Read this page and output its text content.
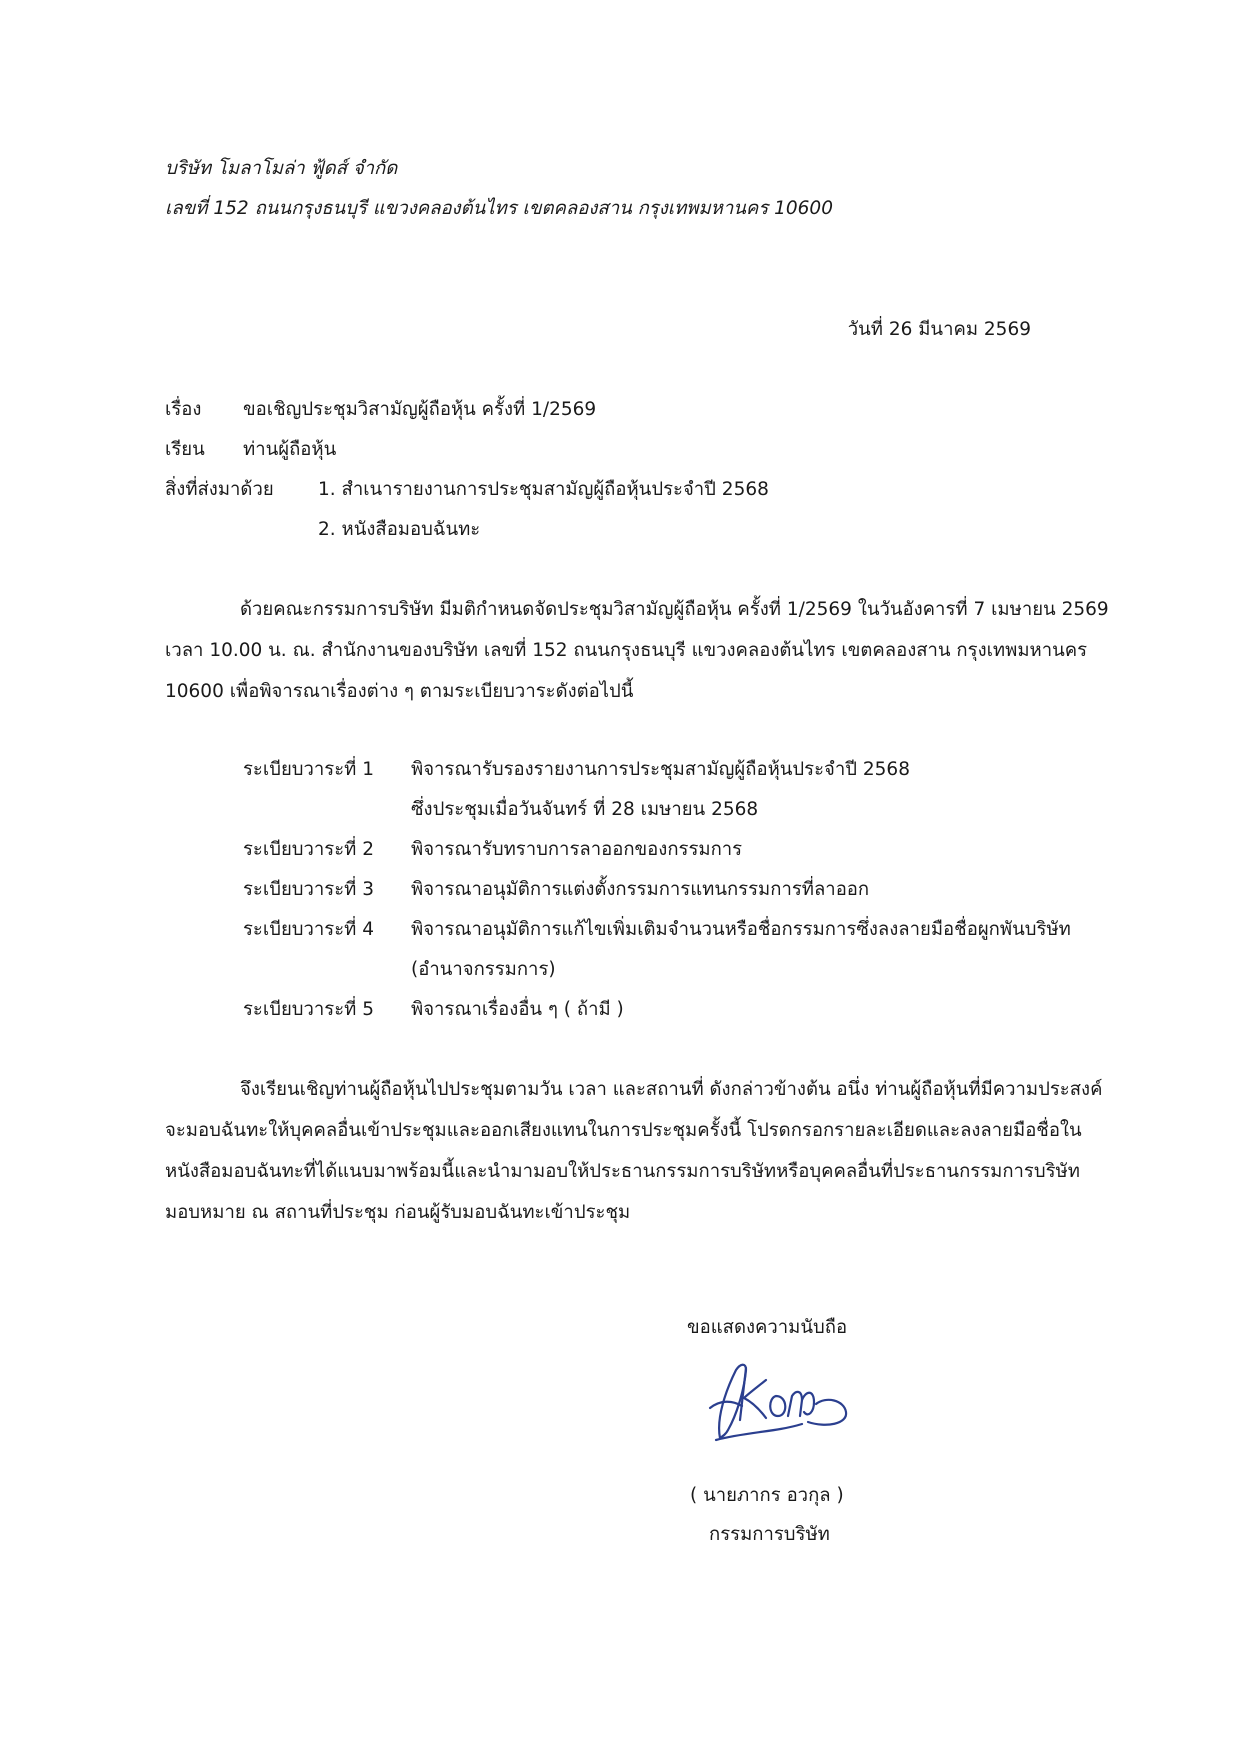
บริษัท โมลาโมล่า ฟู้ดส์ จำกัด
เลขที่ 152 ถนนกรุงธนบุรี แขวงคลองต้นไทร เขตคลองสาน กรุงเทพมหานคร 10600
วันที่ 26 มีนาคม 2569
เรื่อง ขอเชิญประชุมวิสามัญผู้ถือหุ้น ครั้งที่ 1/2569
เรียน ท่านผู้ถือหุ้น
สิ่งที่ส่งมาด้วย 1. สำเนารายงานการประชุมสามัญผู้ถือหุ้นประจำปี 2568
2. หนังสือมอบฉันทะ
ด้วยคณะกรรมการบริษัท มีมติกำหนดจัดประชุมวิสามัญผู้ถือหุ้น ครั้งที่ 1/2569 ในวันอังคารที่ 7 เมษายน 2569
เวลา 10.00 น. ณ. สำนักงานของบริษัท เลขที่ 152 ถนนกรุงธนบุรี แขวงคลองต้นไทร เขตคลองสาน กรุงเทพมหานคร
10600 เพื่อพิจารณาเรื่องต่าง ๆ ตามระเบียบวาระดังต่อไปนี้
ระเบียบวาระที่ 1 พิจารณารับรองรายงานการประชุมสามัญผู้ถือหุ้นประจำปี 2568
ซึ่งประชุมเมื่อวันจันทร์ ที่ 28 เมษายน 2568
ระเบียบวาระที่ 2 พิจารณารับทราบการลาออกของกรรมการ
ระเบียบวาระที่ 3 พิจารณาอนุมัติการแต่งตั้งกรรมการแทนกรรมการที่ลาออก
ระเบียบวาระที่ 4 พิจารณาอนุมัติการแก้ไขเพิ่มเติมจำนวนหรือชื่อกรรมการซึ่งลงลายมือชื่อผูกพันบริษัท
(อำนาจกรรมการ)
ระเบียบวาระที่ 5 พิจารณาเรื่องอื่น ๆ ( ถ้ามี )
จึงเรียนเชิญท่านผู้ถือหุ้นไปประชุมตามวัน เวลา และสถานที่ ดังกล่าวข้างต้น อนึ่ง ท่านผู้ถือหุ้นที่มีความประสงค์
จะมอบฉันทะให้บุคคลอื่นเข้าประชุมและออกเสียงแทนในการประชุมครั้งนี้ โปรดกรอกรายละเอียดและลงลายมือชื่อใน
หนังสือมอบฉันทะที่ได้แนบมาพร้อมนี้และนำมามอบให้ประธานกรรมการบริษัทหรือบุคคลอื่นที่ประธานกรรมการบริษัท
มอบหมาย ณ สถานที่ประชุม ก่อนผู้รับมอบฉันทะเข้าประชุม
ขอแสดงความนับถือ
( นายภากร อวกุล )
กรรมการบริษัท
